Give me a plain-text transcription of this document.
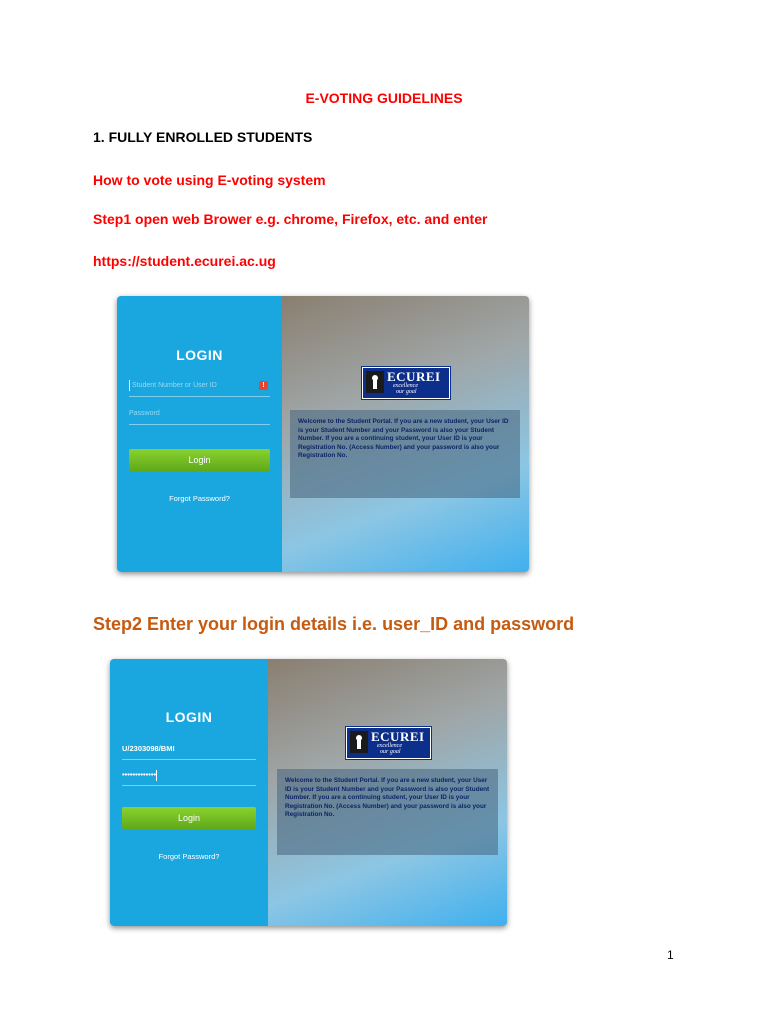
E-VOTING GUIDELINES
1. FULLY ENROLLED STUDENTS
How to vote using E-voting system
Step1 open web Brower e.g. chrome, Firefox, etc. and enter
https://student.ecurei.ac.ug
LOGIN
Student Number or User ID	!
Password
Login
Forgot Password?
ECUREI
excellence
our goal
Welcome to the Student Portal. If you are a new student, your User ID is your Student Number and your Password is also your Student Number. If you are a continuing student, your User ID is your Registration No. (Access Number) and your password is also your Registration No.
Step2 Enter your login details i.e. user_ID and password
LOGIN
U/2303098/BMI
•••••••••••••
Login
Forgot Password?
ECUREI
excellence
our goal
Welcome to the Student Portal. If you are a new student, your User ID is your Student Number and your Password is also your Student Number. If you are a continuing student, your User ID is your Registration No. (Access Number) and your password is also your Registration No.
1
